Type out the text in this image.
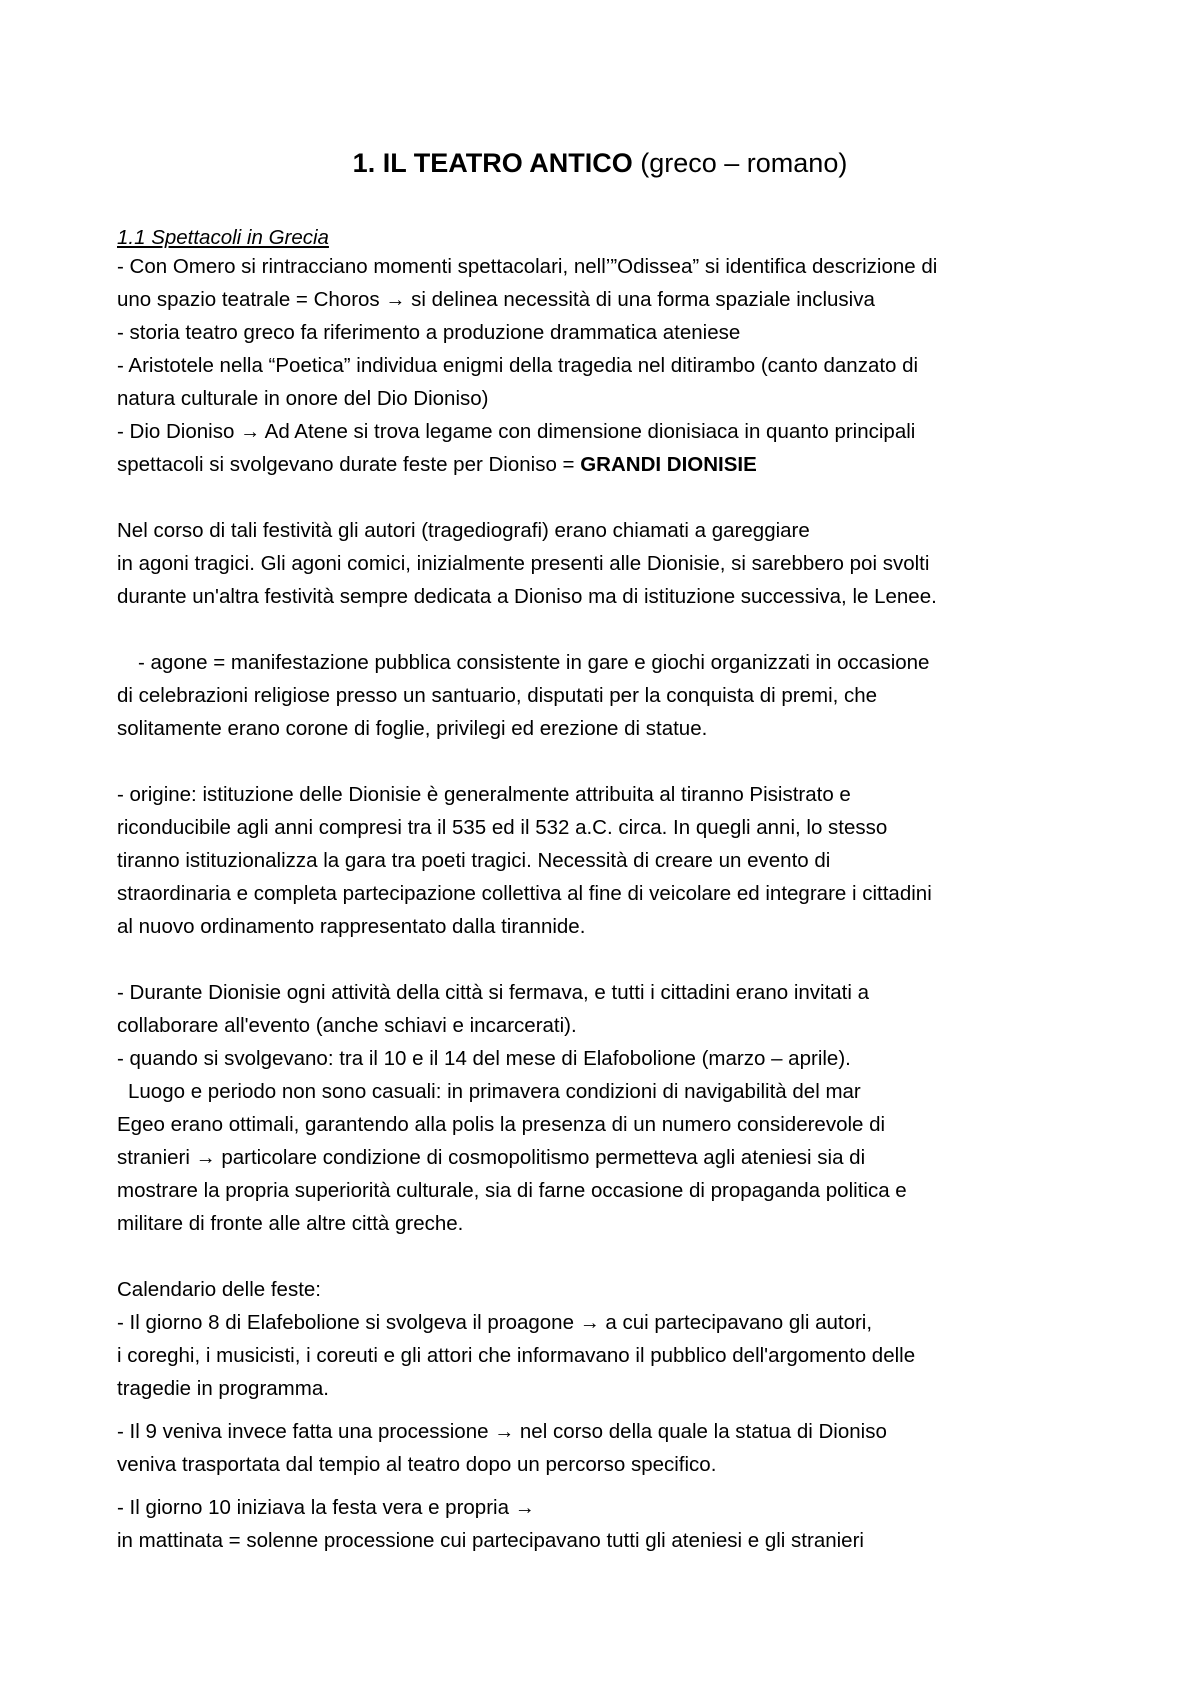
1. IL TEATRO ANTICO (greco – romano)
1.1 Spettacoli in Grecia
- Con Omero si rintracciano momenti spettacolari, nell’”Odissea” si identifica descrizione di
uno spazio teatrale = Choros → si delinea necessità di una forma spaziale inclusiva
- storia teatro greco fa riferimento a produzione drammatica ateniese
- Aristotele nella “Poetica” individua enigmi della tragedia nel ditirambo (canto danzato di
natura culturale in onore del Dio Dioniso)
- Dio Dioniso → Ad Atene si trova legame con dimensione dionisiaca in quanto principali
spettacoli si svolgevano durate feste per Dioniso = GRANDI DIONISIE
Nel corso di tali festività gli autori (tragediografi) erano chiamati a gareggiare
in agoni tragici. Gli agoni comici, inizialmente presenti alle Dionisie, si sarebbero poi svolti
durante un'altra festività sempre dedicata a Dioniso ma di istituzione successiva, le Lenee.
- agone = manifestazione pubblica consistente in gare e giochi organizzati in occasione
di celebrazioni religiose presso un santuario, disputati per la conquista di premi, che
solitamente erano corone di foglie, privilegi ed erezione di statue.
- origine: istituzione delle Dionisie è generalmente attribuita al tiranno Pisistrato e
riconducibile agli anni compresi tra il 535 ed il 532 a.C. circa. In quegli anni, lo stesso
tiranno istituzionalizza la gara tra poeti tragici. Necessità di creare un evento di
straordinaria e completa partecipazione collettiva al fine di veicolare ed integrare i cittadini
al nuovo ordinamento rappresentato dalla tirannide.
- Durante Dionisie ogni attività della città si fermava, e tutti i cittadini erano invitati a
collaborare all'evento (anche schiavi e incarcerati).
- quando si svolgevano: tra il 10 e il 14 del mese di Elafobolione (marzo – aprile).
Luogo e periodo non sono casuali: in primavera condizioni di navigabilità del mar
Egeo erano ottimali, garantendo alla polis la presenza di un numero considerevole di
stranieri → particolare condizione di cosmopolitismo permetteva agli ateniesi sia di
mostrare la propria superiorità culturale, sia di farne occasione di propaganda politica e
militare di fronte alle altre città greche.
Calendario delle feste:
- Il giorno 8 di Elafebolione si svolgeva il proagone → a cui partecipavano gli autori,
i coreghi, i musicisti, i coreuti e gli attori che informavano il pubblico dell'argomento delle
tragedie in programma.
- Il 9 veniva invece fatta una processione → nel corso della quale la statua di Dioniso
veniva trasportata dal tempio al teatro dopo un percorso specifico.
- Il giorno 10 iniziava la festa vera e propria →
in mattinata = solenne processione cui partecipavano tutti gli ateniesi e gli stranieri
